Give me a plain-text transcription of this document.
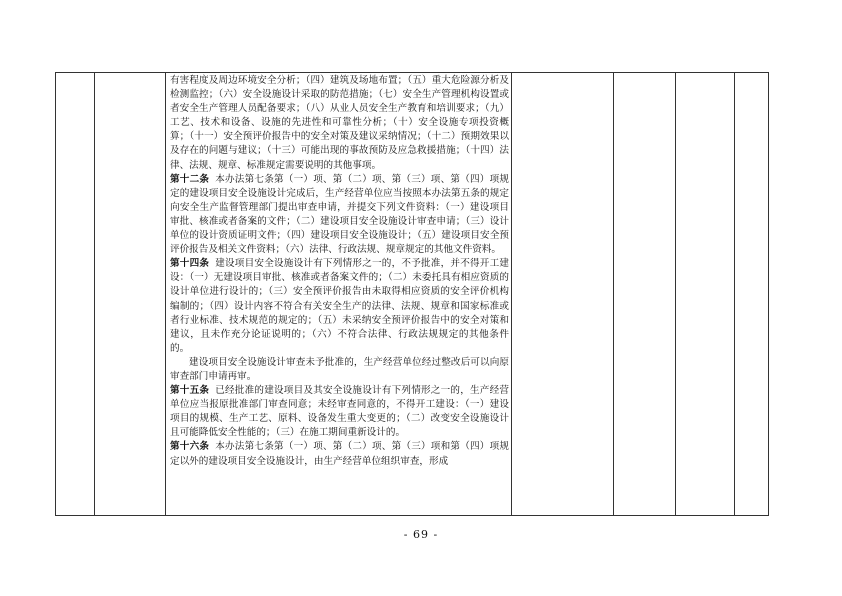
有害程度及周边环境安全分析；（四）建筑及场地布置；（五）重大危险源分析及检测监控；（六）安全设施设计采取的防范措施；（七）安全生产管理机构设置或者安全生产管理人员配备要求；（八）从业人员安全生产教育和培训要求；（九）工艺、技术和设备、设施的先进性和可靠性分析；（十）安全设施专项投资概算；（十一）安全预评价报告中的安全对策及建议采纳情况；（十二）预期效果以及存在的问题与建议；（十三）可能出现的事故预防及应急救援措施；（十四）法律、法规、规章、标准规定需要说明的其他事项。

第十二条 本办法第七条第（一）项、第（二）项、第（三）项、第（四）项规定的建设项目安全设施设计完成后，生产经营单位应当按照本办法第五条的规定向安全生产监督管理部门提出审查申请，并提交下列文件资料：（一）建设项目审批、核准或者备案的文件；（二）建设项目安全设施设计审查申请；（三）设计单位的设计资质证明文件；（四）建设项目安全设施设计；（五）建设项目安全预评价报告及相关文件资料；（六）法律、行政法规、规章规定的其他文件资料。

第十四条 建设项目安全设施设计有下列情形之一的，不予批准，并不得开工建设：（一）无建设项目审批、核准或者备案文件的；（二）未委托具有相应资质的设计单位进行设计的；（三）安全预评价报告由未取得相应资质的安全评价机构编制的；（四）设计内容不符合有关安全生产的法律、法规、规章和国家标准或者行业标准、技术规范的规定的；（五）未采纳安全预评价报告中的安全对策和建议，且未作充分论证说明的；（六）不符合法律、行政法规规定的其他条件的。

建设项目安全设施设计审查未予批准的，生产经营单位经过整改后可以向原审查部门申请再审。

第十五条 已经批准的建设项目及其安全设施设计有下列情形之一的，生产经营单位应当报原批准部门审查同意；未经审查同意的，不得开工建设：（一）建设项目的规模、生产工艺、原料、设备发生重大变更的；（二）改变安全设施设计且可能降低安全性能的；（三）在施工期间重新设计的。

第十六条 本办法第七条第（一）项、第（二）项、第（三）项和第（四）项规定以外的建设项目安全设施设计，由生产经营单位组织审查，形成

- 69 -
